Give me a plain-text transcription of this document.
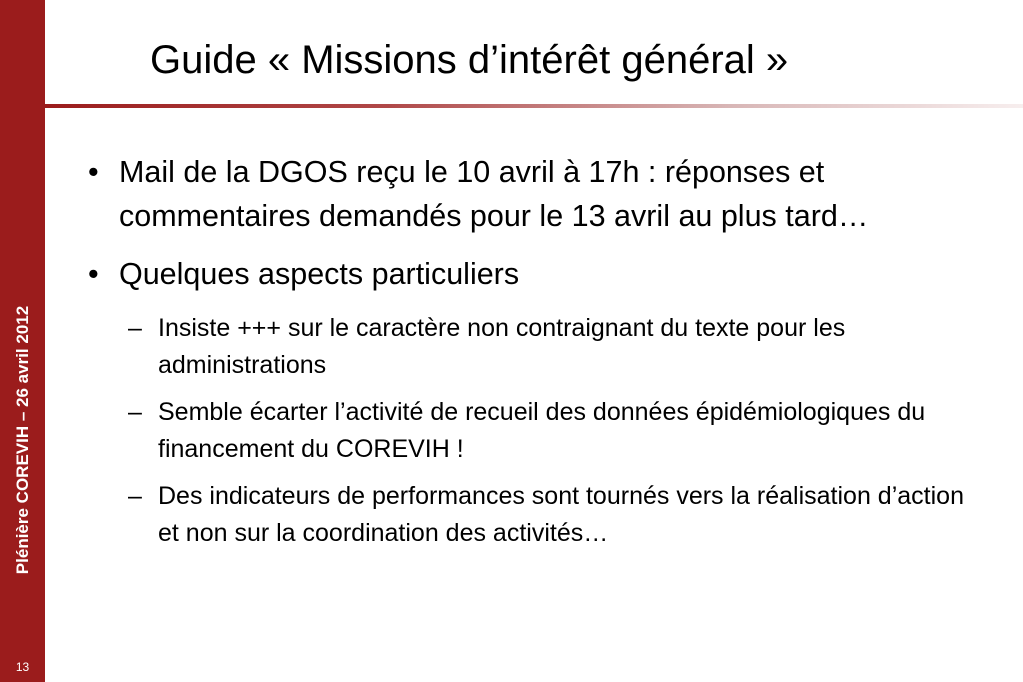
Plénière COREVIH – 26 avril 2012
13
Guide « Missions d’intérêt général »
• Mail de la DGOS reçu le 10 avril à 17h : réponses et commentaires demandés pour le 13 avril au plus tard…
• Quelques aspects particuliers
– Insiste +++ sur le caractère non contraignant du texte pour les administrations
– Semble écarter l’activité de recueil des données épidémiologiques du financement du COREVIH !
– Des indicateurs de performances sont tournés vers la réalisation d’action et non sur la coordination des activités…
